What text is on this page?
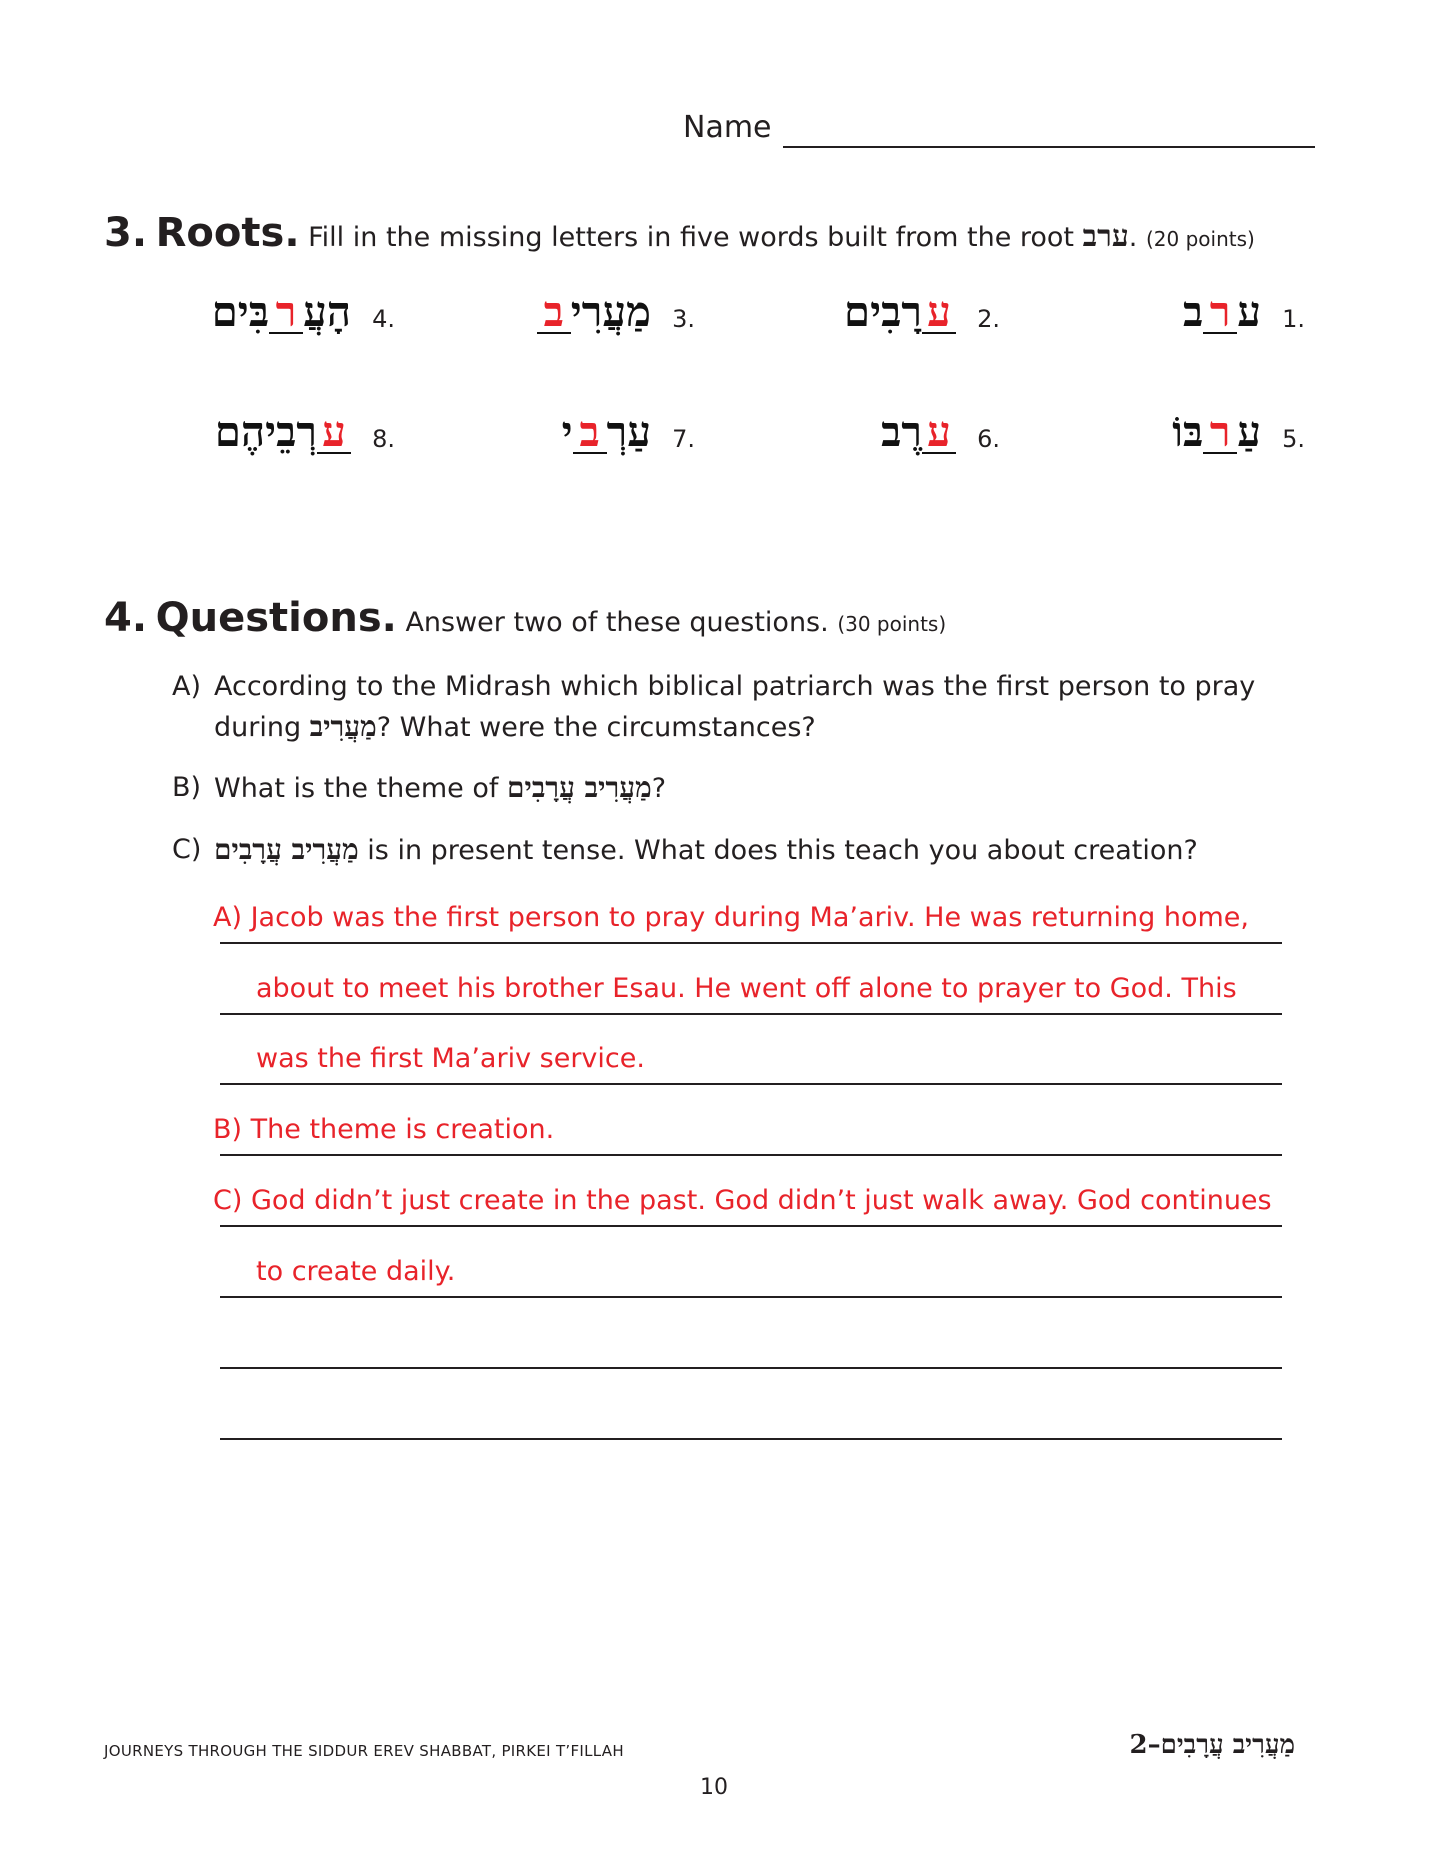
Name
3. Roots. Fill in the missing letters in five words built from the root ערב. (20 points)
1.
ערב
2.
ערָבִים
3.
מַעֲרִיב
4.
הָעֲרבִּים
5.
עַרבּוֹ
6.
ערֶב
7.
עַרְבי
8.
ערְבֵיהֶם
4. Questions. Answer two of these questions. (30 points)
A) According to the Midrash which biblical patriarch was the first person to pray
during מַעֲרִיב? What were the circumstances?
B) What is the theme of מַעֲרִיב עֲרָבִים?
C) מַעֲרִיב עֲרָבִים is in present tense. What does this teach you about creation?
A) Jacob was the first person to pray during Ma’ariv. He was returning home,
about to meet his brother Esau. He went off alone to prayer to God. This
was the first Ma’ariv service.
B) The theme is creation.
C) God didn’t just create in the past. God didn’t just walk away. God continues
to create daily.
JOURNEYS THROUGH THE SIDDUR EREV SHABBAT, PIRKEI T’FILLAH	מַעֲרִיב עֲרָבִים–2
10
